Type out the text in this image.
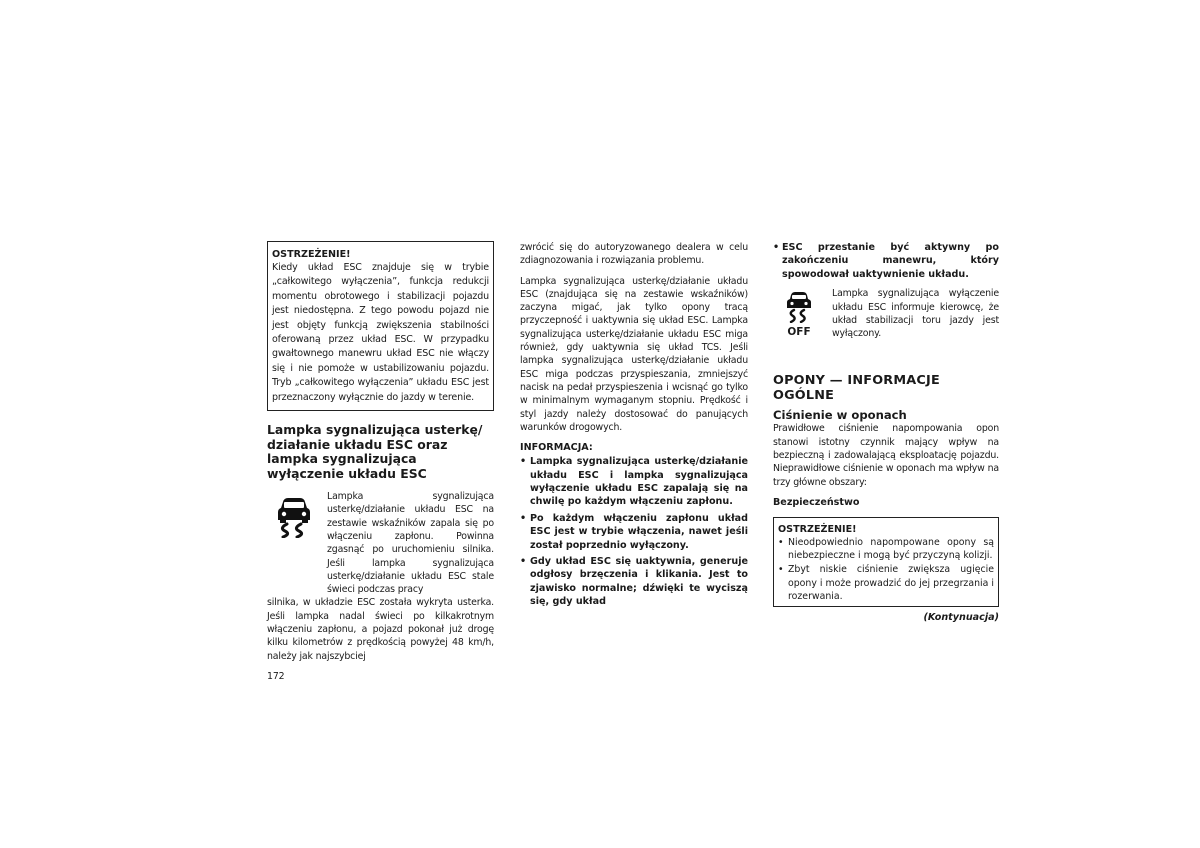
OSTRZEŻENIE!
Kiedy układ ESC znajduje się w trybie „całkowitego wyłączenia”, funkcja redukcji momentu obrotowego i stabilizacji pojazdu jest niedostępna. Z tego powodu pojazd nie jest objęty funkcją zwiększenia stabilności oferowaną przez układ ESC. W przypadku gwałtownego manewru układ ESC nie włączy się i nie pomoże w ustabilizowaniu pojazdu. Tryb „całkowitego wyłączenia” układu ESC jest przeznaczony wyłącznie do jazdy w terenie.
Lampka sygnalizująca usterkę/ działanie układu ESC oraz lampka sygnalizująca wyłączenie układu ESC
Lampka sygnalizująca usterkę/działanie układu ESC na zestawie wskaźników zapala się po włączeniu zapłonu. Powinna zgasnąć po uruchomieniu silnika. Jeśli lampka sygnalizująca usterkę/działanie układu ESC stale świeci podczas pracy
silnika, w układzie ESC została wykryta usterka. Jeśli lampka nadal świeci po kilkakrotnym włączeniu zapłonu, a pojazd pokonał już drogę kilku kilometrów z prędkością powyżej 48 km/h, należy jak najszybciej
172
zwrócić się do autoryzowanego dealera w celu zdiagnozowania i rozwiązania problemu.
Lampka sygnalizująca usterkę/działanie układu ESC (znajdująca się na zestawie wskaźników) zaczyna migać, jak tylko opony tracą przyczepność i uaktywnia się układ ESC. Lampka sygnalizująca usterkę/działanie układu ESC miga również, gdy uaktywnia się układ TCS. Jeśli lampka sygnalizująca usterkę/działanie układu ESC miga podczas przyspieszania, zmniejszyć nacisk na pedał przyspieszenia i wcisnąć go tylko w minimalnym wymaganym stopniu. Prędkość i styl jazdy należy dostosować do panujących warunków drogowych.
INFORMACJA:
• Lampka sygnalizująca usterkę/działanie układu ESC i lampka sygnalizująca wyłączenie układu ESC zapalają się na chwilę po każdym włączeniu zapłonu.
• Po każdym włączeniu zapłonu układ ESC jest w trybie włączenia, nawet jeśli został poprzednio wyłączony.
• Gdy układ ESC się uaktywnia, generuje odgłosy brzęczenia i klikania. Jest to zjawisko normalne; dźwięki te wyciszą się, gdy układ
• ESC przestanie być aktywny po zakończeniu manewru, który spowodował uaktywnienie układu.
OFF
Lampka sygnalizująca wyłączenie układu ESC informuje kierowcę, że układ stabilizacji toru jazdy jest wyłączony.
OPONY — INFORMACJE OGÓLNE
Ciśnienie w oponach
Prawidłowe ciśnienie napompowania opon stanowi istotny czynnik mający wpływ na bezpieczną i zadowalającą eksploatację pojazdu. Nieprawidłowe ciśnienie w oponach ma wpływ na trzy główne obszary:
Bezpieczeństwo
OSTRZEŻENIE!
• Nieodpowiednio napompowane opony są niebezpieczne i mogą być przyczyną kolizji.
• Zbyt niskie ciśnienie zwiększa ugięcie opony i może prowadzić do jej przegrzania i rozerwania.
(Kontynuacja)
